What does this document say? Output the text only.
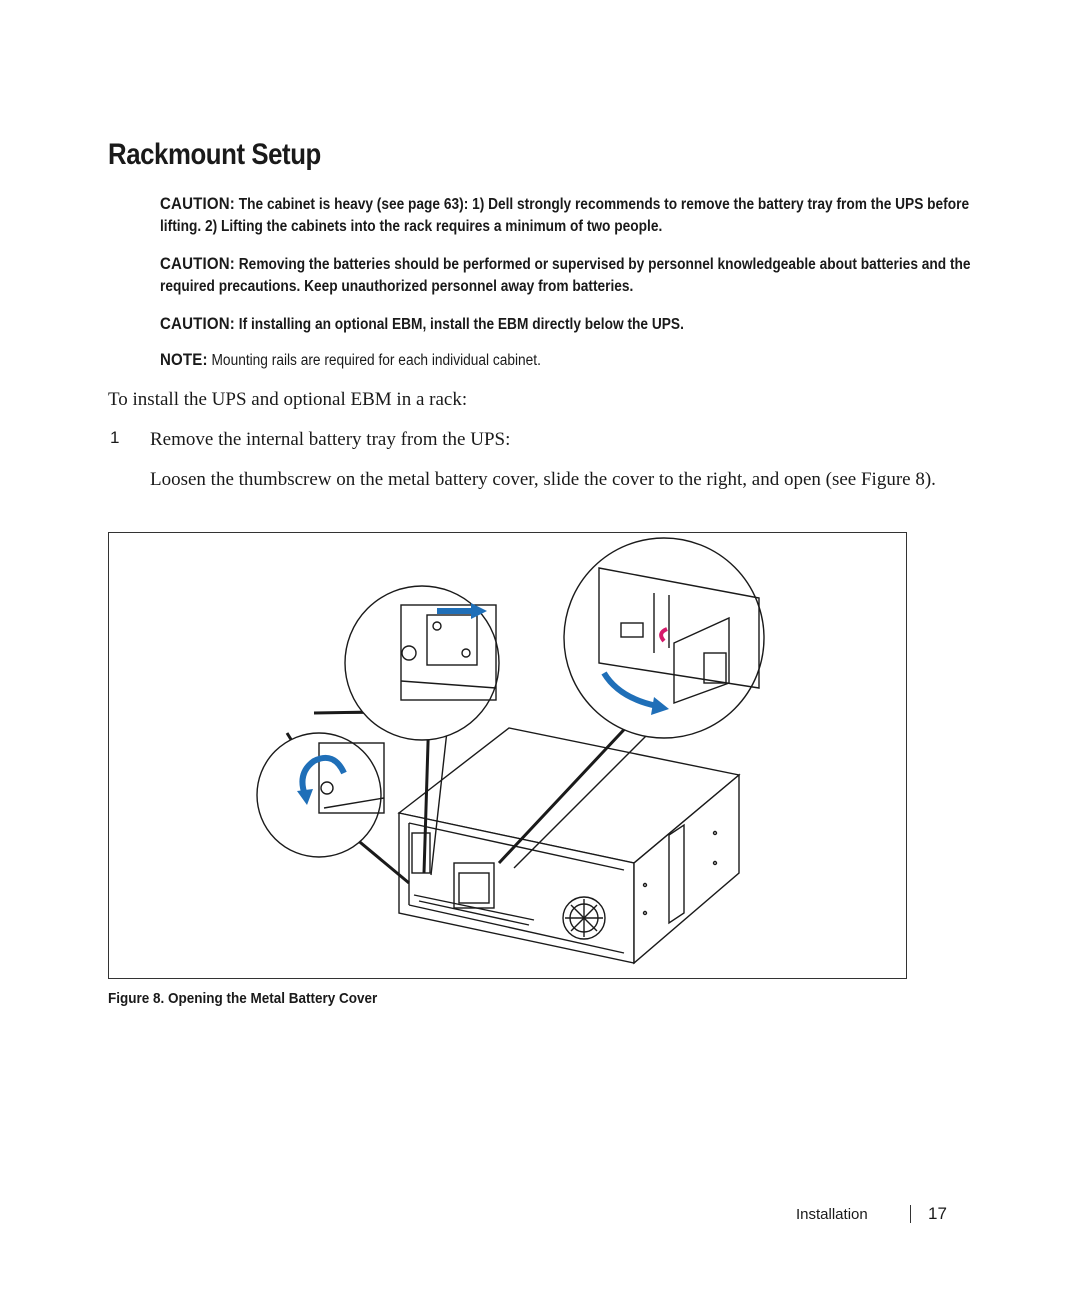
Rackmount Setup
CAUTION: The cabinet is heavy (see page 63): 1) Dell strongly recommends to remove the battery tray from the UPS before lifting. 2) Lifting the cabinets into the rack requires a minimum of two people.
CAUTION: Removing the batteries should be performed or supervised by personnel knowledgeable about batteries and the required precautions. Keep unauthorized personnel away from batteries.
CAUTION: If installing an optional EBM, install the EBM directly below the UPS.
NOTE: Mounting rails are required for each individual cabinet.
To install the UPS and optional EBM in a rack:
1 Remove the internal battery tray from the UPS:
Loosen the thumbscrew on the metal battery cover, slide the cover to the right, and open (see Figure 8).
Figure 8. Opening the Metal Battery Cover
Installation	17
